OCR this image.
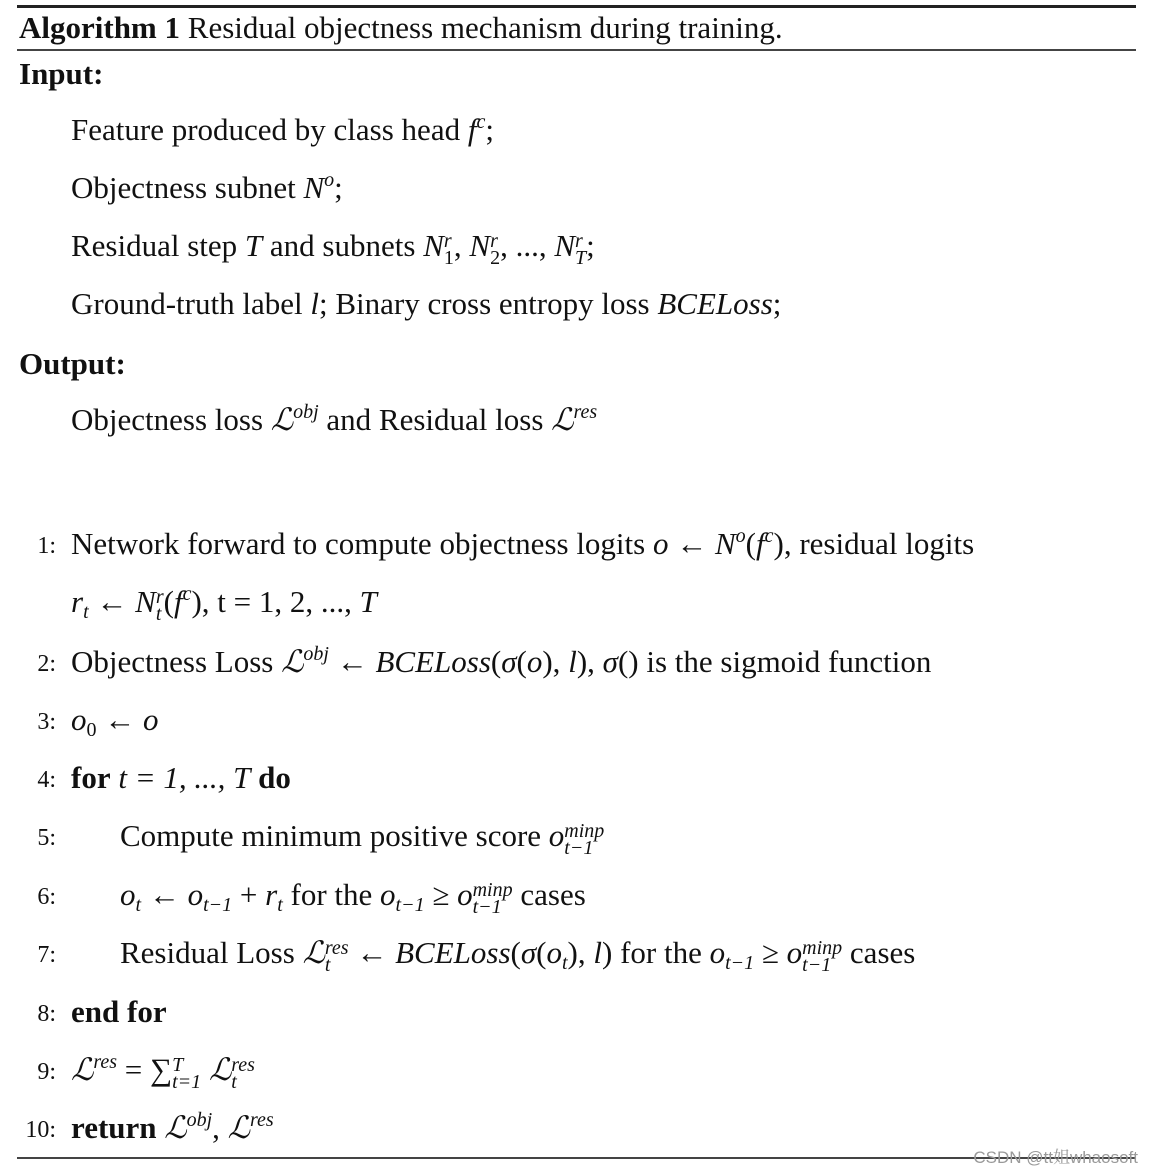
Algorithm 1 Residual objectness mechanism during training.
Input:
Feature produced by class head $f^c$;
Objectness subnet $N^o$;
Residual step T and subnets N r
1 , N r
2 , ..., N r
T ;
Ground-truth label l; Binary cross entropy loss BCELoss;
Output:
Objectness loss ℒ$^{obj}$ and Residual loss ℒ$^{res}$
1: Network forward to compute objectness logits o ← $N^o(f^c)$, residual logits
$r_t$ ← N r
t $(f^c)$, t = 1, 2, ..., T
2: Objectness Loss ℒ$^{obj}$ ← BCELoss(σ(o), l), σ() is the sigmoid function
3: $o_0$ ← o
4: for t = 1, ..., T do
5: Compute minimum positive score o minp
t−1
6: $o_t$ ← $o_{t-1} + r_t$ for the $o_{t-1} \ge o$ minp
t−1 cases
7: Residual Loss ℒ res
t ← $BCELoss(\sigma(o_t)$, l) for the $o_{t-1} \ge o$ minp
t−1 cases
8: end for
9: ℒ$^{res}$ = ∑ T
t=1 ℒ res
t
10: return ℒ$^{obj}$, ℒ$^{res}$
CSDN @tt姐whaosoft
